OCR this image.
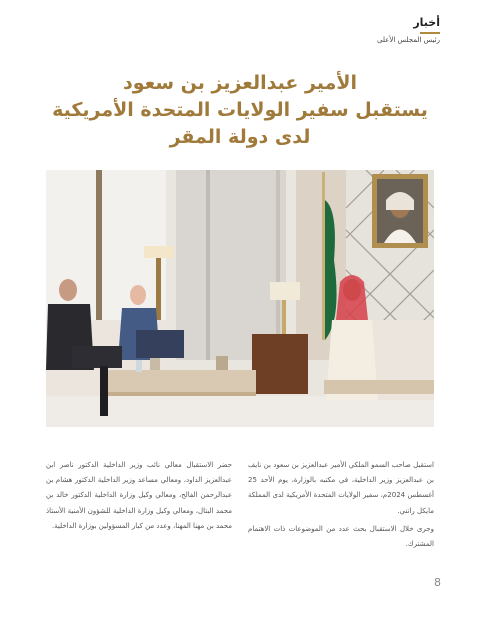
أخبار
رئيس المجلس الأعلى
الأمير عبدالعزيز بن سعود
يستقبل سفير الولايات المتحدة الأمريكية
لدى دولة المقر

استقبل صاحب السمو الملكي الأمير عبدالعزيز بن سعود بن نايف بن عبدالعزيز وزير الداخلية، في مكتبه بالوزارة، يوم الأحد 25 أغسطس 2024م، سفير الولايات المتحدة الأمريكية لدى المملكة مايكل راتني.

وجرى خلال الاستقبال بحث عدد من الموضوعات ذات الاهتمام المشترك.

حضر الاستقبال معالي نائب وزير الداخلية الدكتور ناصر ابن عبدالعزيز الداود، ومعالي مساعد وزير الداخلية الدكتور هشام بن عبدالرحمن الفالح، ومعالي وكيل وزارة الداخلية الدكتور خالد بن محمد البتال، ومعالي وكيل وزارة الداخلية للشؤون الأمنية الأستاذ محمد بن مهنا المهنا، وعدد من كبار المسؤولين بوزارة الداخلية.

8
